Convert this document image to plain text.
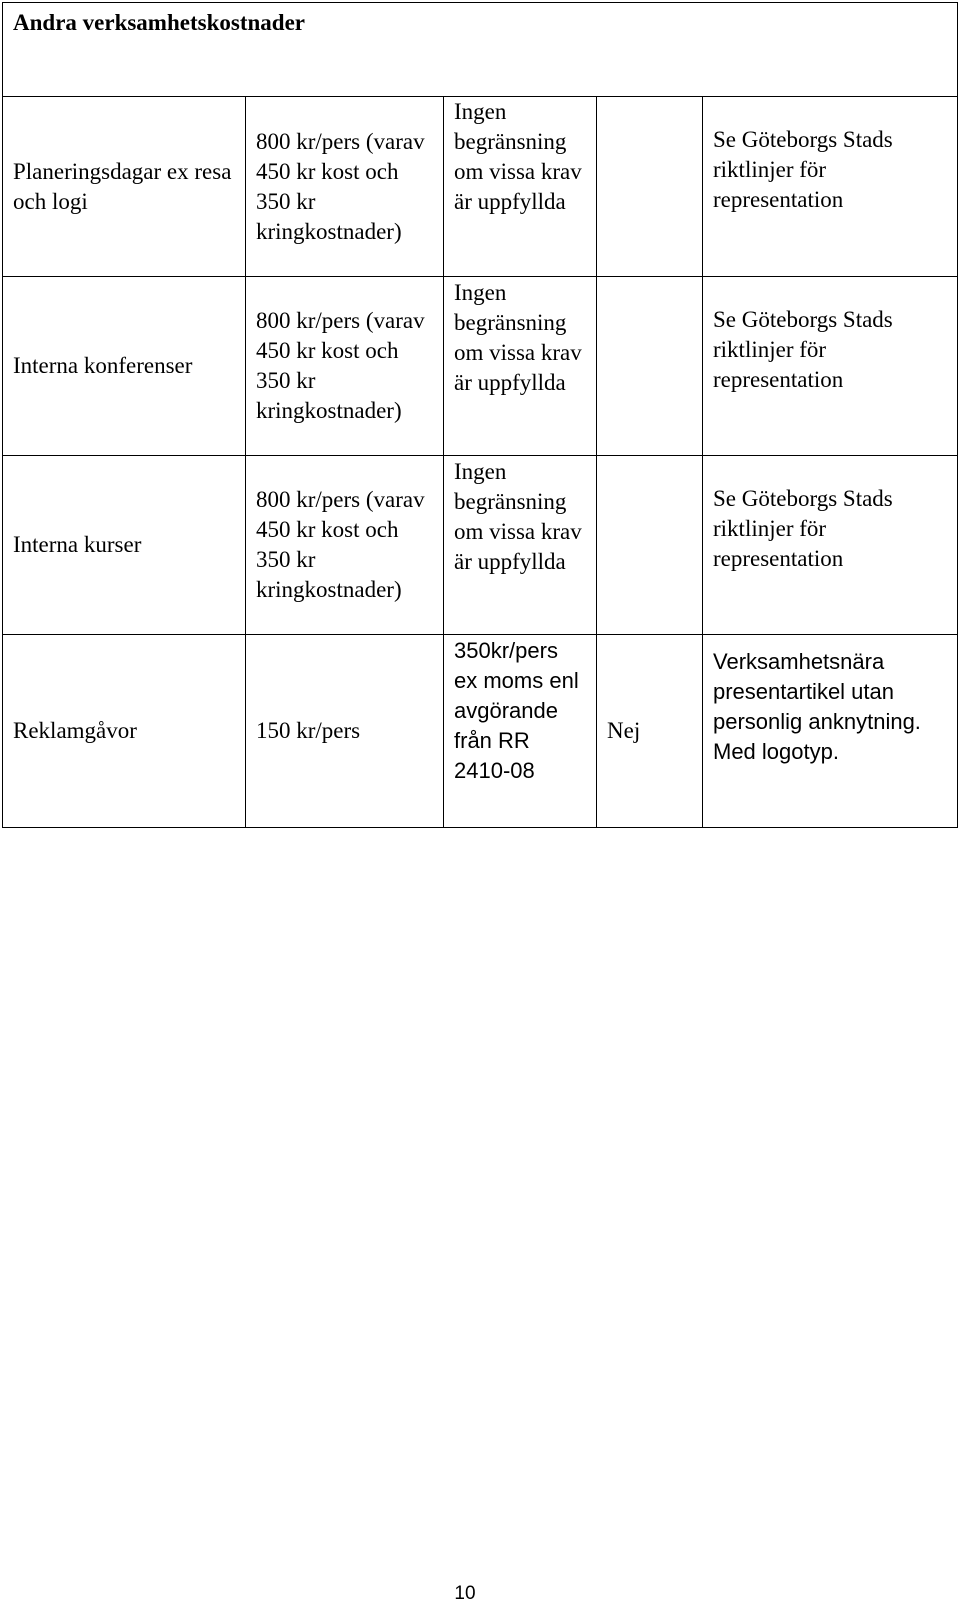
Andra verksamhetskostnader				
Planeringsdagar ex resa och logi	800 kr/pers (varav 450 kr kost och 350 kr kringkostnader)	Ingen begränsning om vissa krav är uppfyllda		Se Göteborgs Stads riktlinjer för representation
Interna konferenser	800 kr/pers (varav 450 kr kost och 350 kr kringkostnader)	Ingen begränsning om vissa krav är uppfyllda		Se Göteborgs Stads riktlinjer för representation
Interna kurser	800 kr/pers (varav 450 kr kost och 350 kr kringkostnader)	Ingen begränsning om vissa krav är uppfyllda		Se Göteborgs Stads riktlinjer för representation
Reklamgåvor	150 kr/pers	350kr/pers ex moms enl avgörande från RR 2410-08	Nej	Verksamhetsnära presentartikel utan personlig anknytning. Med logotyp.
10
